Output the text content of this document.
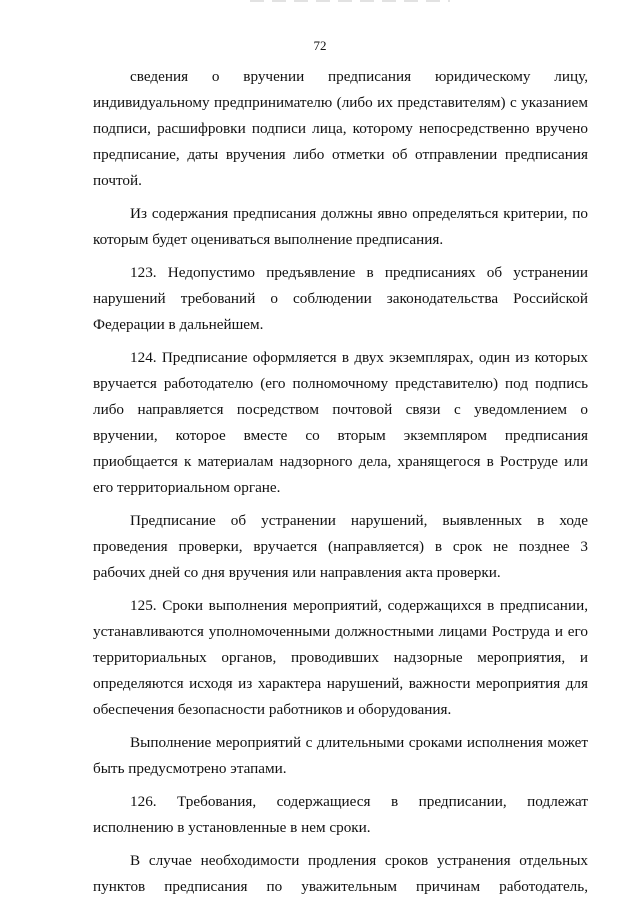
72

сведения о вручении предписания юридическому лицу, индивидуальному предпринимателю (либо их представителям) с указанием подписи, расшифровки подписи лица, которому непосредственно вручено предписание, даты вручения либо отметки об отправлении предписания почтой.

Из содержания предписания должны явно определяться критерии, по которым будет оцениваться выполнение предписания.

123. Недопустимо предъявление в предписаниях об устранении нарушений требований о соблюдении законодательства Российской Федерации в дальнейшем.

124. Предписание оформляется в двух экземплярах, один из которых вручается работодателю (его полномочному представителю) под подпись либо направляется посредством почтовой связи с уведомлением о вручении, которое вместе со вторым экземпляром предписания приобщается к материалам надзорного дела, хранящегося в Роструде или его территориальном органе.

Предписание об устранении нарушений, выявленных в ходе проведения проверки, вручается (направляется) в срок не позднее 3 рабочих дней со дня вручения или направления акта проверки.

125. Сроки выполнения мероприятий, содержащихся в предписании, устанавливаются уполномоченными должностными лицами Роструда и его территориальных органов, проводивших надзорные мероприятия, и определяются исходя из характера нарушений, важности мероприятия для обеспечения безопасности работников и оборудования.

Выполнение мероприятий с длительными сроками исполнения может быть предусмотрено этапами.

126. Требования, содержащиеся в предписании, подлежат исполнению в установленные в нем сроки.

В случае необходимости продления сроков устранения отдельных пунктов предписания по уважительным причинам работодатель,
